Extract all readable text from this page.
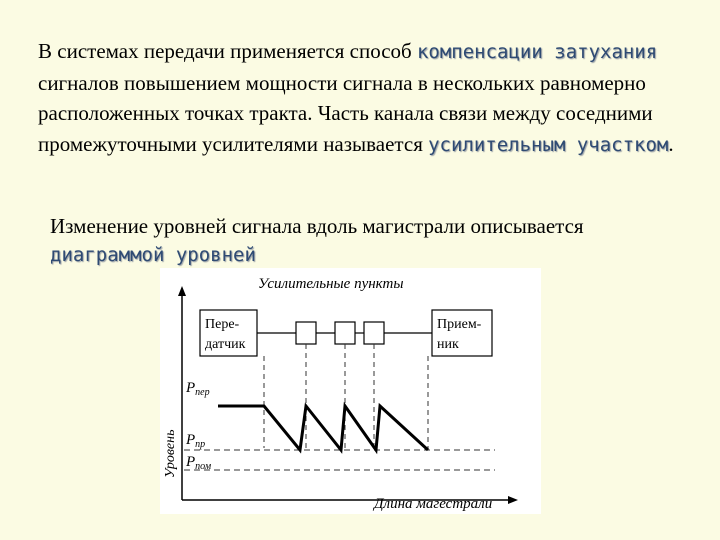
В системах передачи применяется способ компенсации затухания сигналов повышением мощности сигнала в нескольких равномерно расположенных точках тракта. Часть канала связи между соседними промежуточными усилителями называется усилительным участком.
Изменение уровней сигнала вдоль магистрали описывается диаграммой уровней
Усилительные пункты
Пере-
датчик
Прием-
ник
$P_{пер}$
$P_{пр}$
$P_{пом}$
Уровень
Длина магестрали
